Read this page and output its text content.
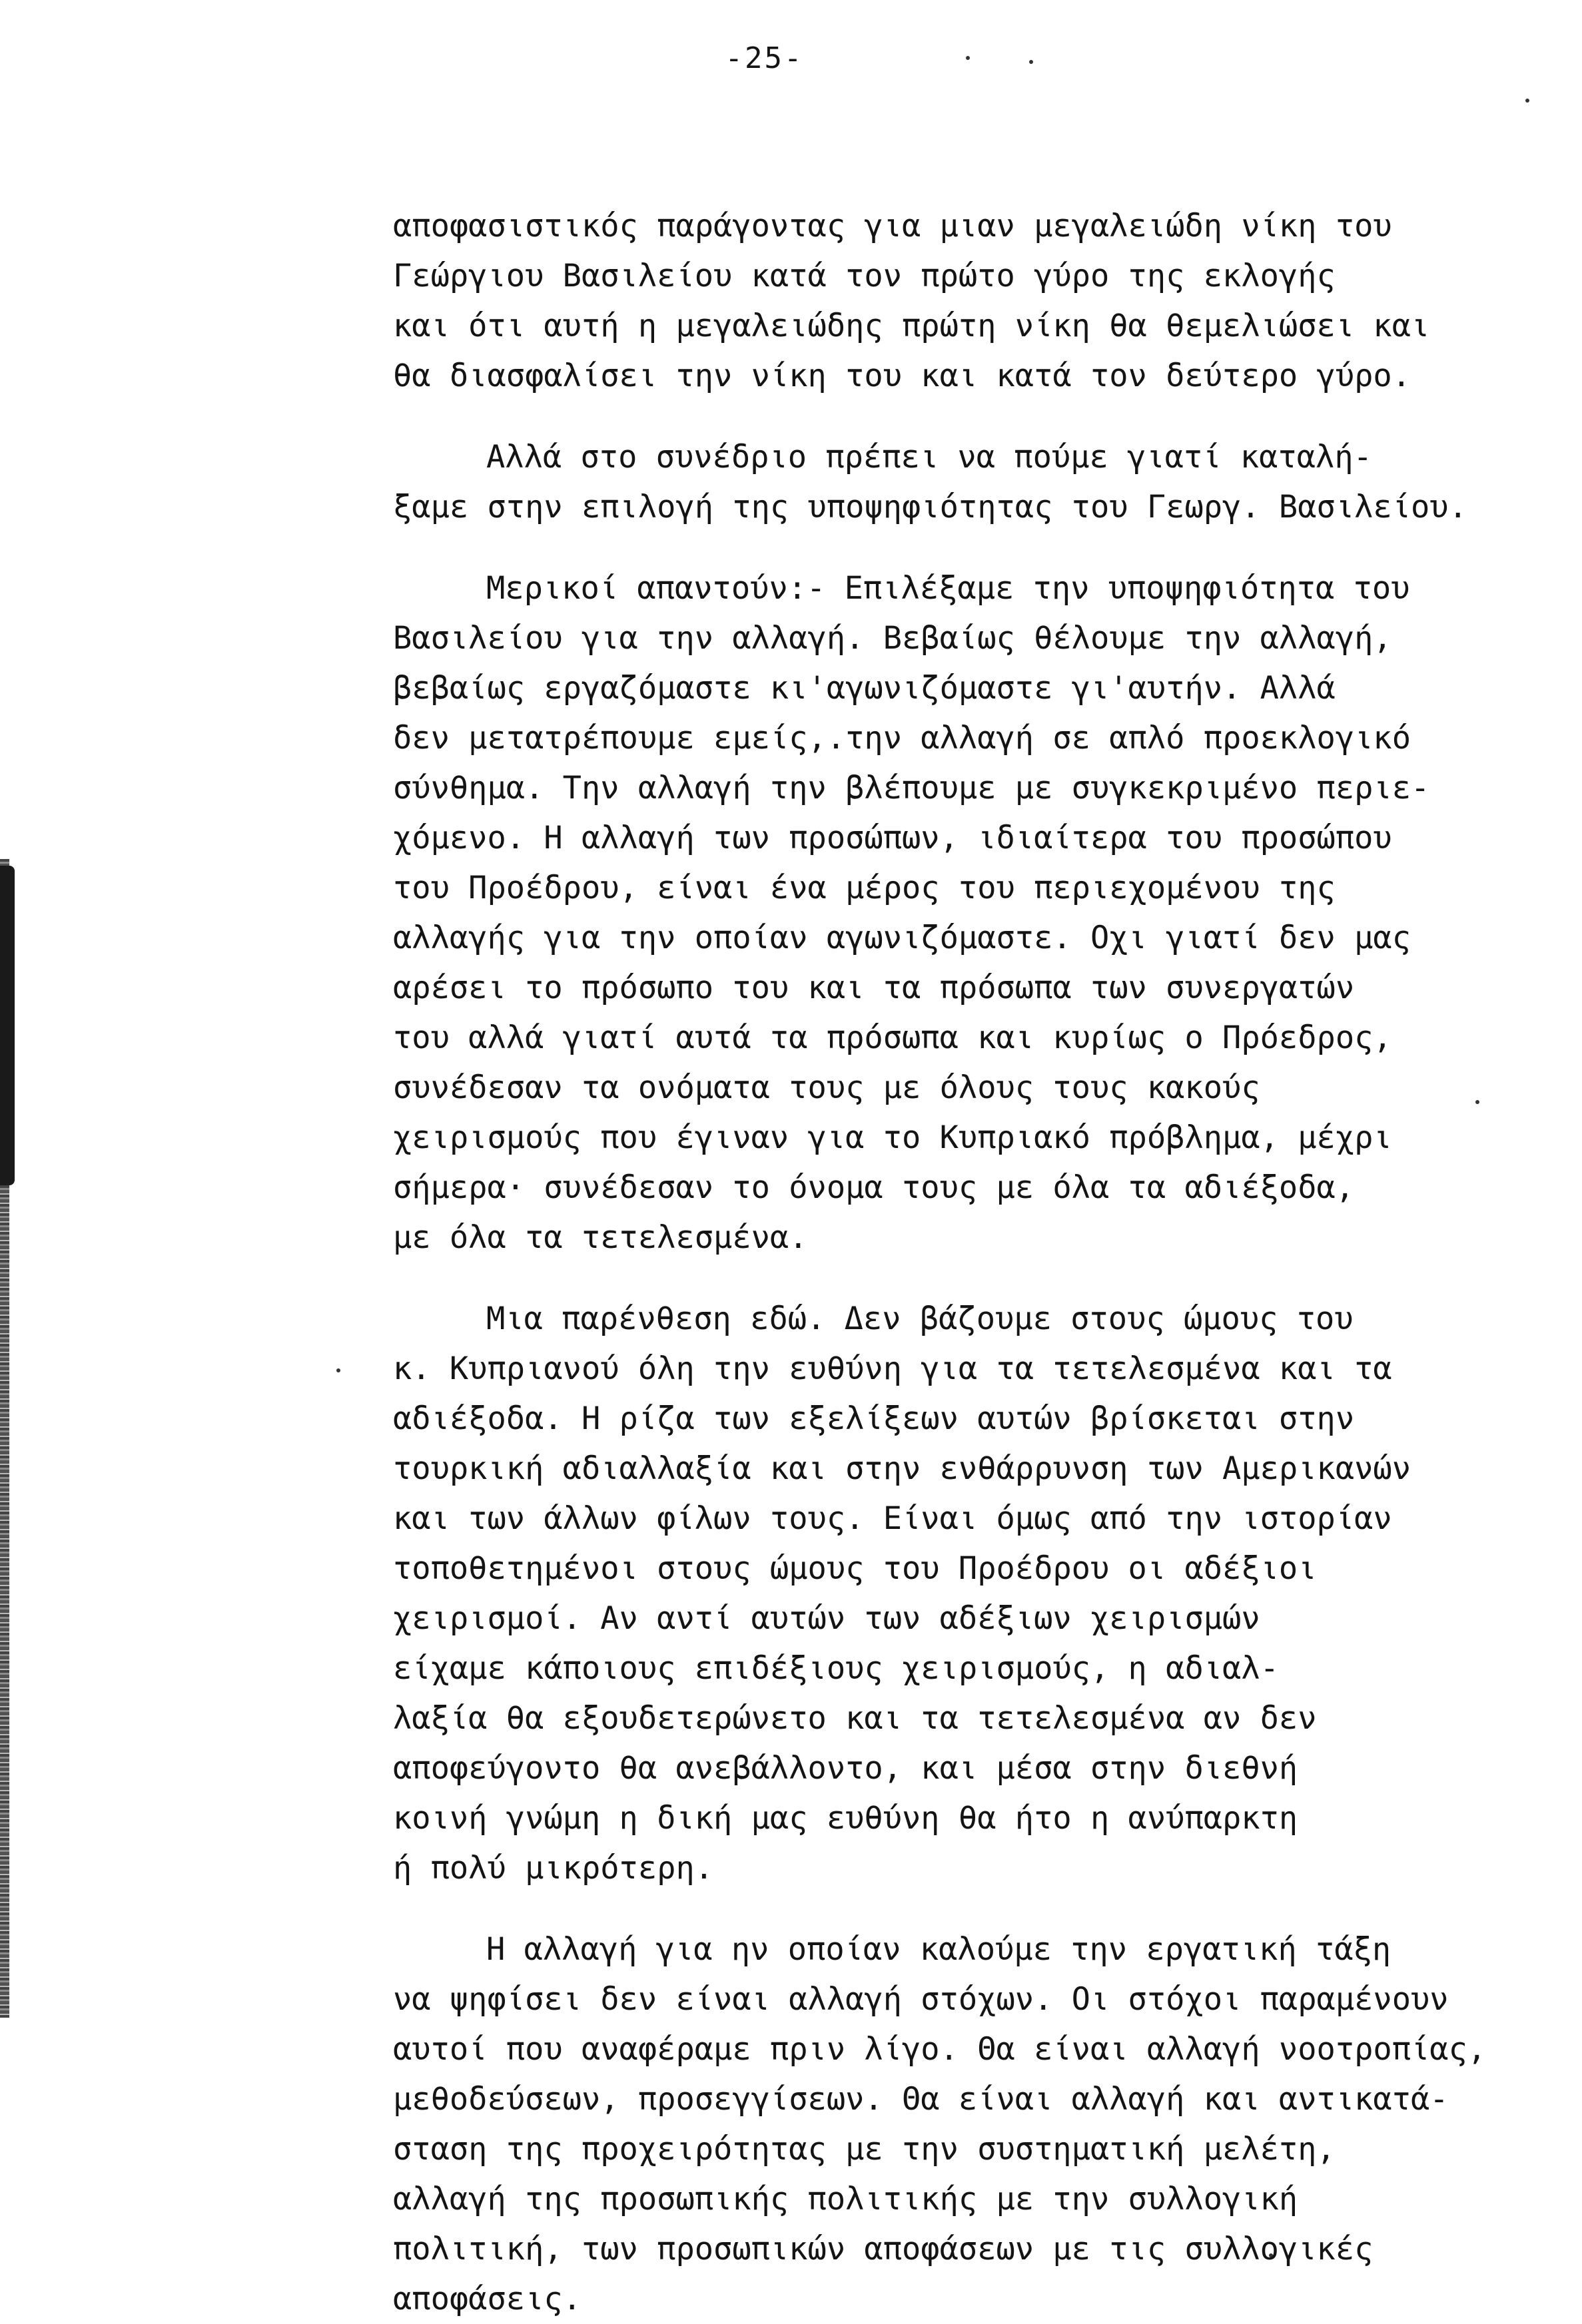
-25-
αποφασιστικός παράγοντας για μιαν μεγαλειώδη νίκη του
Γεώργιου Βασιλείου κατά τον πρώτο γύρο της εκλογής
και ότι αυτή η μεγαλειώδης πρώτη νίκη θα θεμελιώσει και
θα διασφαλίσει την νίκη του και κατά τον δεύτερο γύρο.
Αλλά στο συνέδριο πρέπει να πούμε γιατί καταλή-
ξαμε στην επιλογή της υποψηφιότητας του Γεωργ. Βασιλείου.
Μερικοί απαντούν:- Επιλέξαμε την υποψηφιότητα του
Βασιλείου για την αλλαγή. Βεβαίως θέλουμε την αλλαγή,
βεβαίως εργαζόμαστε κι'αγωνιζόμαστε γι'αυτήν. Αλλά
δεν μετατρέπουμε εμείς,.την αλλαγή σε απλό προεκλογικό
σύνθημα. Την αλλαγή την βλέπουμε με συγκεκριμένο περιε-
χόμενο. Η αλλαγή των προσώπων, ιδιαίτερα του προσώπου
του Προέδρου, είναι ένα μέρος του περιεχομένου της
αλλαγής για την οποίαν αγωνιζόμαστε. Οχι γιατί δεν μας
αρέσει το πρόσωπο του και τα πρόσωπα των συνεργατών
του αλλά γιατί αυτά τα πρόσωπα και κυρίως ο Πρόεδρος,
συνέδεσαν τα ονόματα τους με όλους τους κακούς
χειρισμούς που έγιναν για το Κυπριακό πρόβλημα, μέχρι
σήμερα· συνέδεσαν το όνομα τους με όλα τα αδιέξοδα,
με όλα τα τετελεσμένα.
Μια παρένθεση εδώ. Δεν βάζουμε στους ώμους του
κ. Κυπριανού όλη την ευθύνη για τα τετελεσμένα και τα
αδιέξοδα. Η ρίζα των εξελίξεων αυτών βρίσκεται στην
τουρκική αδιαλλαξία και στην ενθάρρυνση των Αμερικανών
και των άλλων φίλων τους. Είναι όμως από την ιστορίαν
τοποθετημένοι στους ώμους του Προέδρου οι αδέξιοι
χειρισμοί. Αν αντί αυτών των αδέξιων χειρισμών
είχαμε κάποιους επιδέξιους χειρισμούς, η αδιαλ-
λαξία θα εξουδετερώνετο και τα τετελεσμένα αν δεν
αποφεύγοντο θα ανεβάλλοντο, και μέσα στην διεθνή
κοινή γνώμη η δική μας ευθύνη θα ήτο η ανύπαρκτη
ή πολύ μικρότερη.
Η αλλαγή για ην οποίαν καλούμε την εργατική τάξη
να ψηφίσει δεν είναι αλλαγή στόχων. Οι στόχοι παραμένουν
αυτοί που αναφέραμε πριν λίγο. Θα είναι αλλαγή νοοτροπίας,
μεθοδεύσεων, προσεγγίσεων. Θα είναι αλλαγή και αντικατά-
σταση της προχειρότητας με την συστηματική μελέτη,
αλλαγή της προσωπικής πολιτικής με την συλλογική
πολιτική, των προσωπικών αποφάσεων με τις συλλογικές
αποφάσεις.
